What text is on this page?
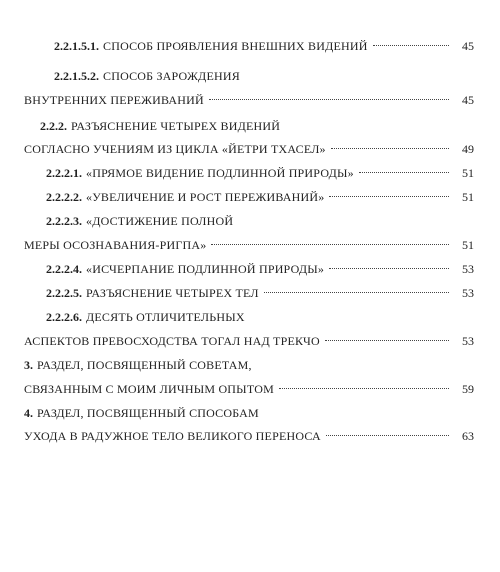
2.2.1.5.1. СПОСОБ ПРОЯВЛЕНИЯ ВНЕШНИХ ВИДЕНИЙ	45
2.2.1.5.2. СПОСОБ ЗАРОЖДЕНИЯ
ВНУТРЕННИХ ПЕРЕЖИВАНИЙ	45
2.2.2. РАЗЪЯСНЕНИЕ ЧЕТЫРЕХ ВИДЕНИЙ
СОГЛАСНО УЧЕНИЯМ ИЗ ЦИКЛА «ЙЕТРИ ТХАСЕЛ»	49
2.2.2.1. «ПРЯМОЕ ВИДЕНИЕ ПОДЛИННОЙ ПРИРОДЫ»	51
2.2.2.2. «УВЕЛИЧЕНИЕ И РОСТ ПЕРЕЖИВАНИЙ»	51
2.2.2.3. «ДОСТИЖЕНИЕ ПОЛНОЙ
МЕРЫ ОСОЗНАВАНИЯ-РИГПА»	51
2.2.2.4. «ИСЧЕРПАНИЕ ПОДЛИННОЙ ПРИРОДЫ»	53
2.2.2.5. РАЗЪЯСНЕНИЕ ЧЕТЫРЕХ ТЕЛ	53
2.2.2.6. ДЕСЯТЬ ОТЛИЧИТЕЛЬНЫХ
АСПЕКТОВ ПРЕВОСХОДСТВА ТОГАЛ НАД ТРЕКЧО	53
3. РАЗДЕЛ, ПОСВЯЩЕННЫЙ СОВЕТАМ,
СВЯЗАННЫМ С МОИМ ЛИЧНЫМ ОПЫТОМ	59
4. РАЗДЕЛ, ПОСВЯЩЕННЫЙ СПОСОБАМ
УХОДА В РАДУЖНОЕ ТЕЛО ВЕЛИКОГО ПЕРЕНОСА	63
